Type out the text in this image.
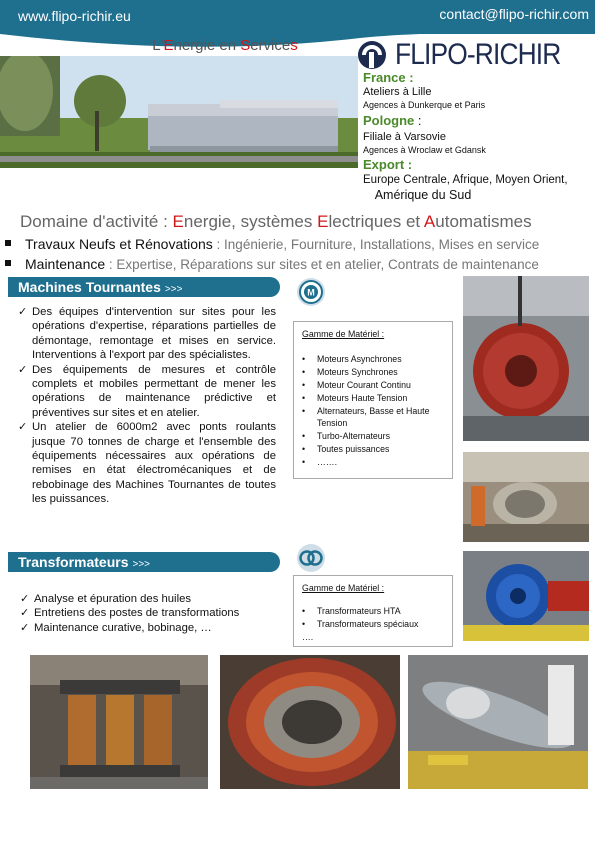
www.flipo-richir.eu	contact@flipo-richir.com
L'Energie en Services	FLIPO-RICHIR
France :
Ateliers à Lille
Agences à Dunkerque et Paris
Pologne :
Filiale à Varsovie
Agences à Wroclaw et Gdansk
Export :
Europe Centrale, Afrique, Moyen Orient,
Amérique du Sud
Domaine d'activité : Energie, systèmes Electriques et Automatismes
Travaux Neufs et Rénovations : Ingénierie, Fourniture, Installations, Mises en service
Maintenance : Expertise, Réparations sur sites et en atelier, Contrats de maintenance
Machines Tournantes >>>
✓ Des équipes d'intervention sur sites pour les opérations d'expertise, réparations partielles de démontage, remontage et mises en service. Interventions à l'export par des spécialistes.
✓ Des équipements de mesures et contrôle complets et mobiles permettant de mener les opérations de maintenance prédictive et préventives sur sites et en atelier.
✓ Un atelier de 6000m2 avec ponts roulants jusque 70 tonnes de charge et l'ensemble des équipements nécessaires aux opérations de remises en état électromécaniques et de rebobinage des Machines Tournantes de toutes les puissances.
M
Gamme de Matériel :
• Moteurs Asynchrones
• Moteurs Synchrones
• Moteur Courant Continu
• Moteurs Haute Tension
• Alternateurs, Basse et Haute Tension
• Turbo-Alternateurs
• Toutes puissances
• …….
Transformateurs >>>
✓ Analyse et épuration des huiles
✓ Entretiens des postes de transformations
✓ Maintenance curative, bobinage, …
Gamme de Matériel :
• Transformateurs HTA
• Transformateurs spéciaux
….
